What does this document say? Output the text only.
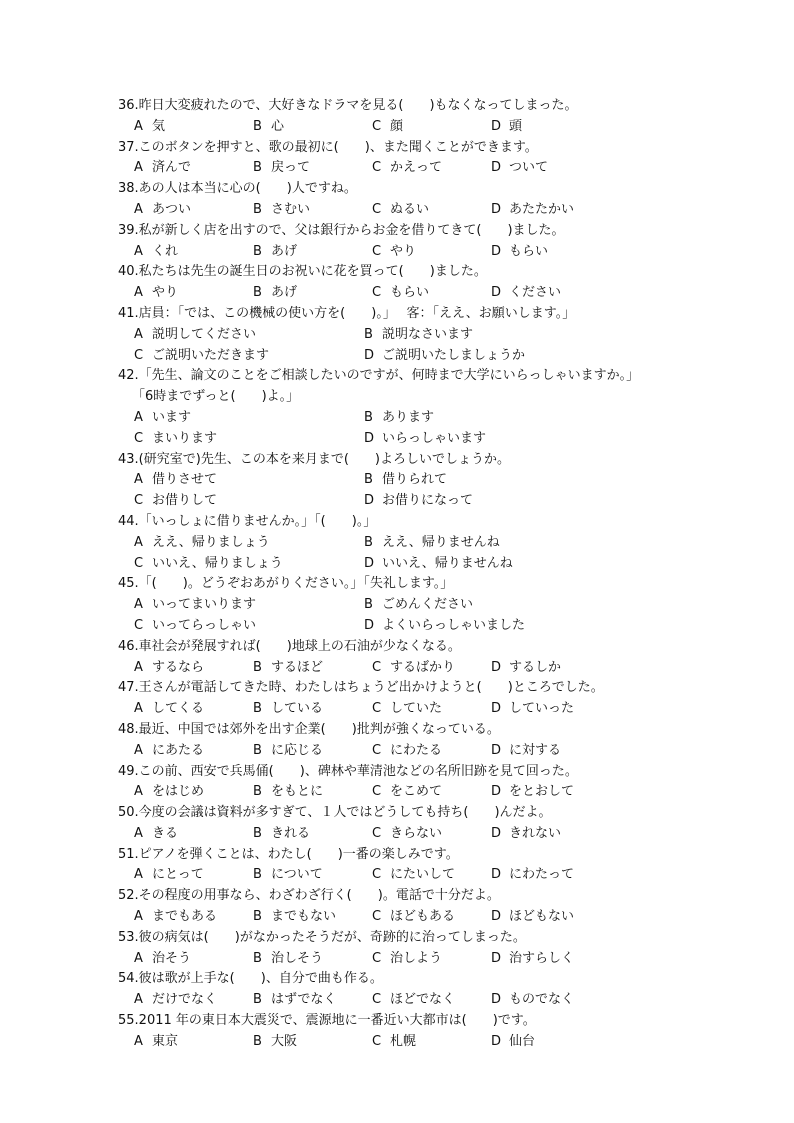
36.昨日大変疲れたので、大好きなドラマを見る(　　)もなくなってしまった。
A 気	B 心	C 顔	D 頭
37.このボタンを押すと、歌の最初に(　　)、また聞くことができます。
A 済んで	B 戻って	C かえって	D ついて
38.あの人は本当に心の(　　)人ですね。
A あつい	B さむい	C ぬるい	D あたたかい
39.私が新しく店を出すので、父は銀行からお金を借りてきて(　　)ました。
A くれ	B あげ	C やり	D もらい
40.私たちは先生の誕生日のお祝いに花を買って(　　)ました。
A やり	B あげ	C もらい	D ください
41.店員：「では、この機械の使い方を(　　)。」　 客：「ええ、お願いします。」
A 説明してください	B 説明なさいます
C ご説明いただきます	D ご説明いたしましょうか
42.「先生、論文のことをご相談したいのですが、何時まで大学にいらっしゃいますか。」
「6時までずっと(　　)よ。」
A います	B あります
C まいります	D いらっしゃいます
43.(研究室で)先生、この本を来月まで(　　)よろしいでしょうか。
A 借りさせて	B 借りられて
C お借りして	D お借りになって
44.「いっしょに借りませんか。」「(　　)。」
A ええ、帰りましょう	B ええ、帰りませんね
C いいえ、帰りましょう	D いいえ、帰りませんね
45.「(　　)。どうぞおあがりください。」「失礼します。」
A いってまいります	B ごめんください
C いってらっしゃい	D よくいらっしゃいました
46.車社会が発展すれば(　　)地球上の石油が少なくなる。
A するなら	B するほど	C するばかり	D するしか
47.王さんが電話してきた時、わたしはちょうど出かけようと(　　)ところでした。
A してくる	B している	C していた	D していった
48.最近、中国では郊外を出す企業(　　)批判が強くなっている。
A にあたる	B に応じる	C にわたる	D に対する
49.この前、西安で兵馬俑(　　)、碑林や華清池などの名所旧跡を見て回った。
A をはじめ	B をもとに	C をこめて	D をとおして
50.今度の会議は資料が多すぎて、１人ではどうしても持ち(　　)んだよ。
A きる	B きれる	C きらない	D きれない
51.ピアノを弾くことは、わたし(　　)一番の楽しみです。
A にとって	B について	C にたいして	D にわたって
52.その程度の用事なら、わざわざ行く(　　)。電話で十分だよ。
A までもある	B までもない	C ほどもある	D ほどもない
53.彼の病気は(　　)がなかったそうだが、奇跡的に治ってしまった。
A 治そう	B 治しそう	C 治しよう	D 治すらしく
54.彼は歌が上手な(　　)、自分で曲も作る。
A だけでなく	B はずでなく	C ほどでなく	D ものでなく
55.2011 年の東日本大震災で、震源地に一番近い大都市は(　　)です。
A 東京	B 大阪	C 札幌	D 仙台
